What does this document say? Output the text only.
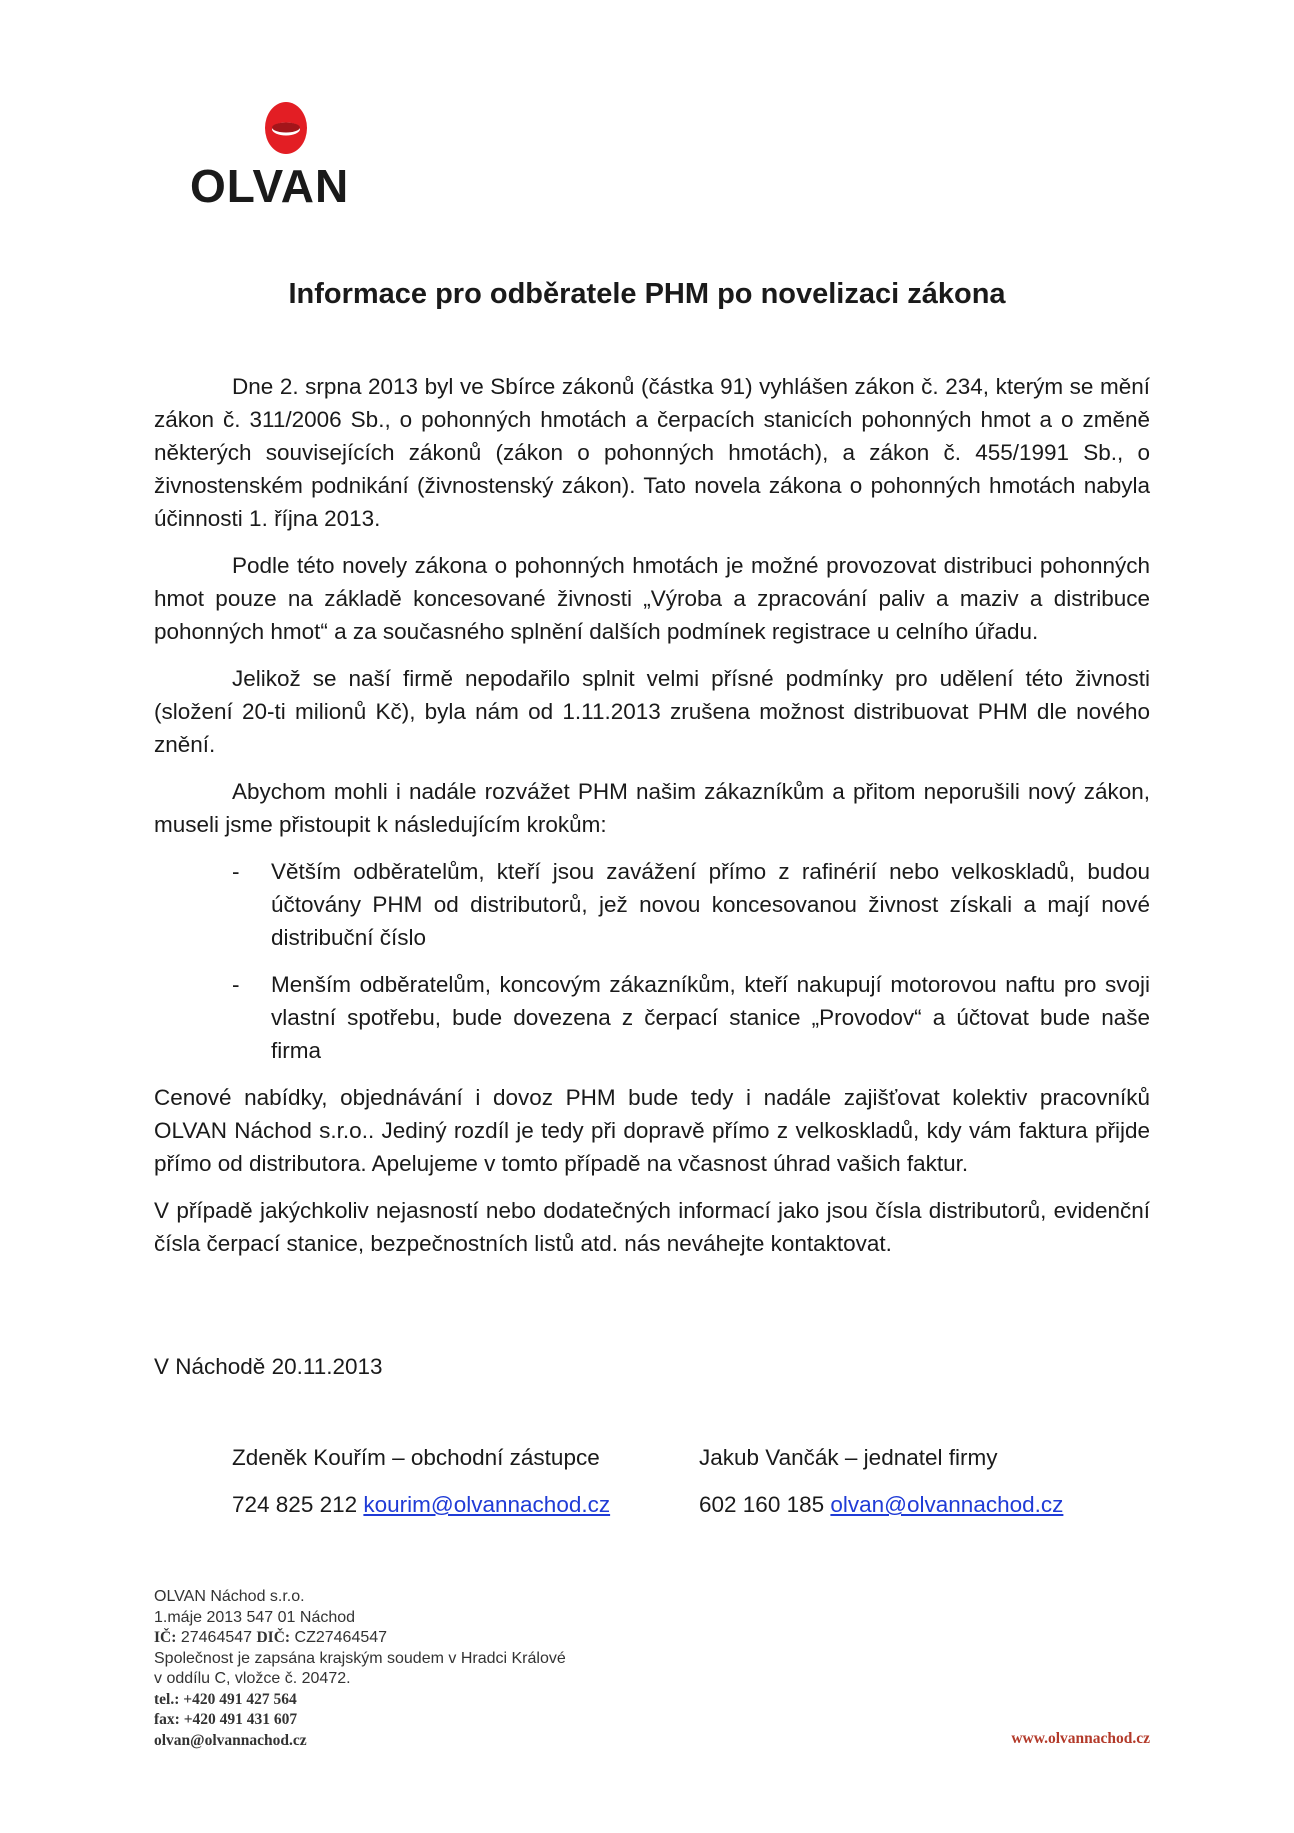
OLVAN
Informace pro odběratele PHM po novelizaci zákona

Dne 2. srpna 2013 byl ve Sbírce zákonů (částka 91) vyhlášen zákon č. 234, kterým se mění zákon č. 311/2006 Sb., o pohonných hmotách a čerpacích stanicích pohonných hmot a o změně některých souvisejících zákonů (zákon o pohonných hmotách), a zákon č. 455/1991 Sb., o živnostenském podnikání (živnostenský zákon). Tato novela zákona o pohonných hmotách nabyla účinnosti 1. října 2013.

Podle této novely zákona o pohonných hmotách je možné provozovat distribuci pohonných hmot pouze na základě koncesované živnosti „Výroba a zpracování paliv a maziv a distribuce pohonných hmot“ a za současného splnění dalších podmínek registrace u celního úřadu.

Jelikož se naší firmě nepodařilo splnit velmi přísné podmínky pro udělení této živnosti (složení 20-ti milionů Kč), byla nám od 1.11.2013 zrušena možnost distribuovat PHM dle nového znění.

Abychom mohli i nadále rozvážet PHM našim zákazníkům a přitom neporušili nový zákon, museli jsme přistoupit k následujícím krokům:

- Větším odběratelům, kteří jsou zavážení přímo z rafinérií nebo velkoskladů, budou účtovány PHM od distributorů, jež novou koncesovanou živnost získali a mají nové distribuční číslo
- Menším odběratelům, koncovým zákazníkům, kteří nakupují motorovou naftu pro svoji vlastní spotřebu, bude dovezena z čerpací stanice „Provodov“ a účtovat bude naše firma

Cenové nabídky, objednávání i dovoz PHM bude tedy i nadále zajišťovat kolektiv pracovníků OLVAN Náchod s.r.o.. Jediný rozdíl je tedy při dopravě přímo z velkoskladů, kdy vám faktura přijde přímo od distributora. Apelujeme v tomto případě na včasnost úhrad vašich faktur.

V případě jakýchkoliv nejasností nebo dodatečných informací jako jsou čísla distributorů, evidenční čísla čerpací stanice, bezpečnostních listů atd. nás neváhejte kontaktovat.

V Náchodě 20.11.2013
Zdeněk Kouřím – obchodní zástupce
724 825 212 kourim@olvannachod.cz
Jakub Vančák – jednatel firmy
602 160 185 olvan@olvannachod.cz
OLVAN Náchod s.r.o.
1.máje 2013 547 01 Náchod
IČ: 27464547 DIČ: CZ27464547
Společnost je zapsána krajským soudem v Hradci Králové
v oddílu C, vložce č. 20472.
tel.: +420 491 427 564
fax: +420 491 431 607
olvan@olvannachod.cz	www.olvannachod.cz
